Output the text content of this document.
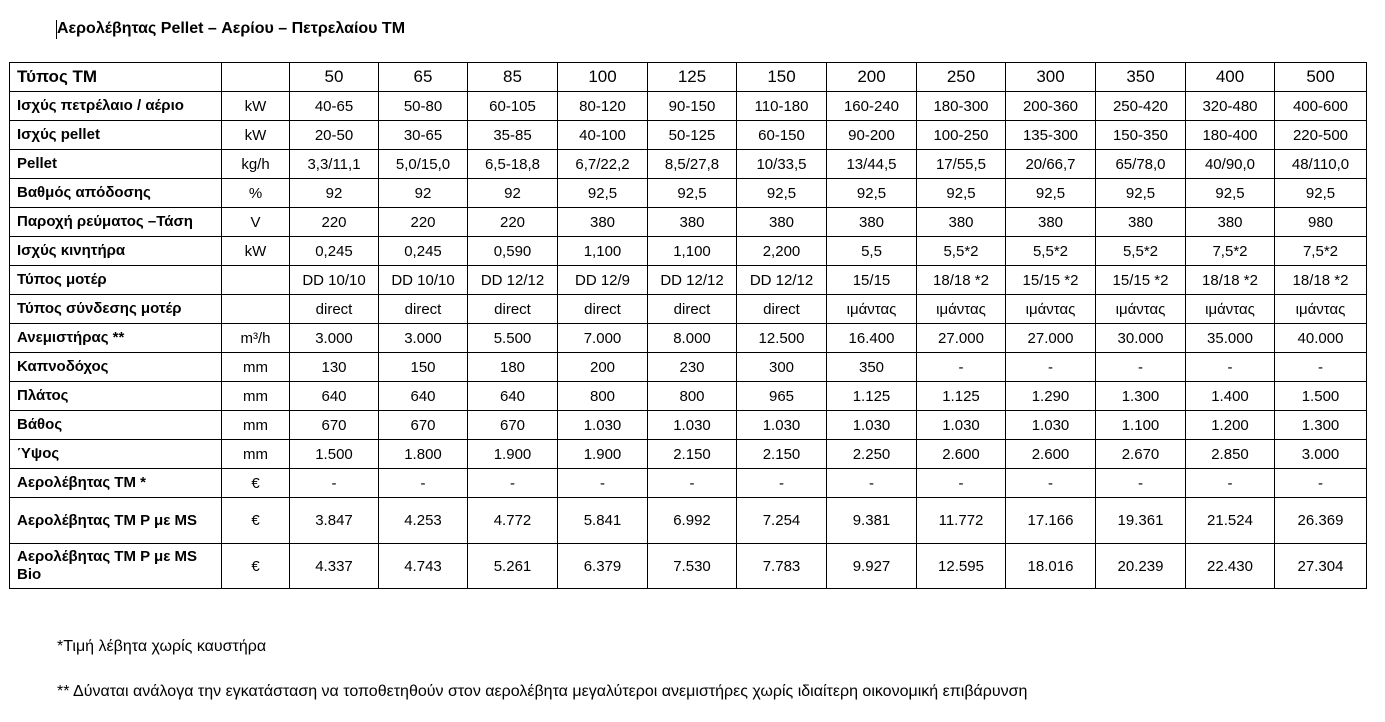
Αερολέβητας Pellet – Αερίου – Πετρελαίου ΤΜ
Τύπος ΤΜ		50	65	85	100	125	150	200	250	300	350	400	500
Ισχύς πετρέλαιο / αέριο	kW	40-65	50-80	60-105	80-120	90-150	110-180	160-240	180-300	200-360	250-420	320-480	400-600
Ισχύς pellet	kW	20-50	30-65	35-85	40-100	50-125	60-150	90-200	100-250	135-300	150-350	180-400	220-500
Pellet	kg/h	3,3/11,1	5,0/15,0	6,5-18,8	6,7/22,2	8,5/27,8	10/33,5	13/44,5	17/55,5	20/66,7	65/78,0	40/90,0	48/110,0
Βαθμός απόδοσης	%	92	92	92	92,5	92,5	92,5	92,5	92,5	92,5	92,5	92,5	92,5
Παροχή ρεύματος –Τάση	V	220	220	220	380	380	380	380	380	380	380	380	980
Ισχύς κινητήρα	kW	0,245	0,245	0,590	1,100	1,100	2,200	5,5	5,5*2	5,5*2	5,5*2	7,5*2	7,5*2
Τύπος μοτέρ		DD 10/10	DD 10/10	DD 12/12	DD 12/9	DD 12/12	DD 12/12	15/15	18/18 *2	15/15 *2	15/15 *2	18/18 *2	18/18 *2
Τύπος σύνδεσης μοτέρ		direct	direct	direct	direct	direct	direct	ιμάντας	ιμάντας	ιμάντας	ιμάντας	ιμάντας	ιμάντας
Ανεμιστήρας **	m³/h	3.000	3.000	5.500	7.000	8.000	12.500	16.400	27.000	27.000	30.000	35.000	40.000
Καπνοδόχος	mm	130	150	180	200	230	300	350	-	-	-	-	-
Πλάτος	mm	640	640	640	800	800	965	1.125	1.125	1.290	1.300	1.400	1.500
Βάθος	mm	670	670	670	1.030	1.030	1.030	1.030	1.030	1.030	1.100	1.200	1.300
Ύψος	mm	1.500	1.800	1.900	1.900	2.150	2.150	2.250	2.600	2.600	2.670	2.850	3.000
Αερολέβητας ΤΜ *	€	-	-	-	-	-	-	-	-	-	-	-	-
Αερολέβητας ΤΜ P με MS	€	3.847	4.253	4.772	5.841	6.992	7.254	9.381	11.772	17.166	19.361	21.524	26.369
Αερολέβητας ΤΜ P με MS Bio	€	4.337	4.743	5.261	6.379	7.530	7.783	9.927	12.595	18.016	20.239	22.430	27.304
*Τιμή λέβητα χωρίς καυστήρα
** Δύναται ανάλογα την εγκατάσταση να τοποθετηθούν στον αερολέβητα μεγαλύτεροι ανεμιστήρες χωρίς ιδιαίτερη οικονομική επιβάρυνση
